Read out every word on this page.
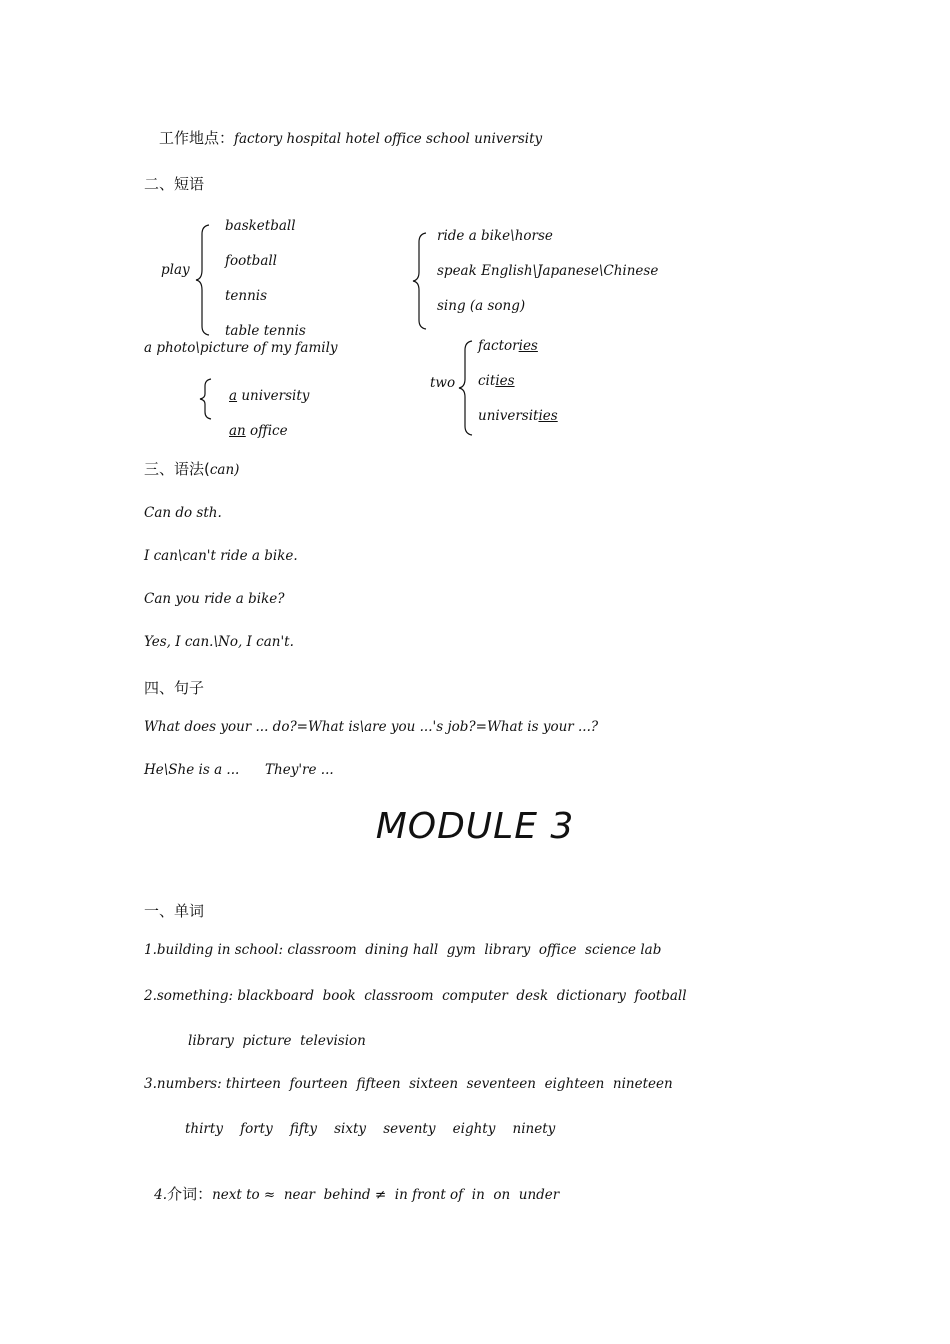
工作地点：factory hospital hotel office school university
二、短语
play
basketball
football
tennis
table tennis
ride a bike\horse
speak English\Japanese\Chinese
sing (a song)
a photo\picture of my family
a university
an office
two
factories
cities
universities
三、语法(can)
Can do sth.
I can\can't ride a bike.
Can you ride a bike?
Yes, I can.\No, I can't.
四、句子
What does your ... do?=What is\are you ...'s job?=What is your ...?
He\She is a ...      They're ...
MODULE 3
一、单词
1.building in school: classroom  dining hall  gym  library  office  science lab
2.something: blackboard  book  classroom  computer  desk  dictionary  football
library  picture  television
3.numbers: thirteen  fourteen  fifteen  sixteen  seventeen  eighteen  nineteen
thirty    forty    fifty    sixty    seventy    eighty    ninety

4.介词：next to ≈  near  behind ≠  in front of  in  on  under
